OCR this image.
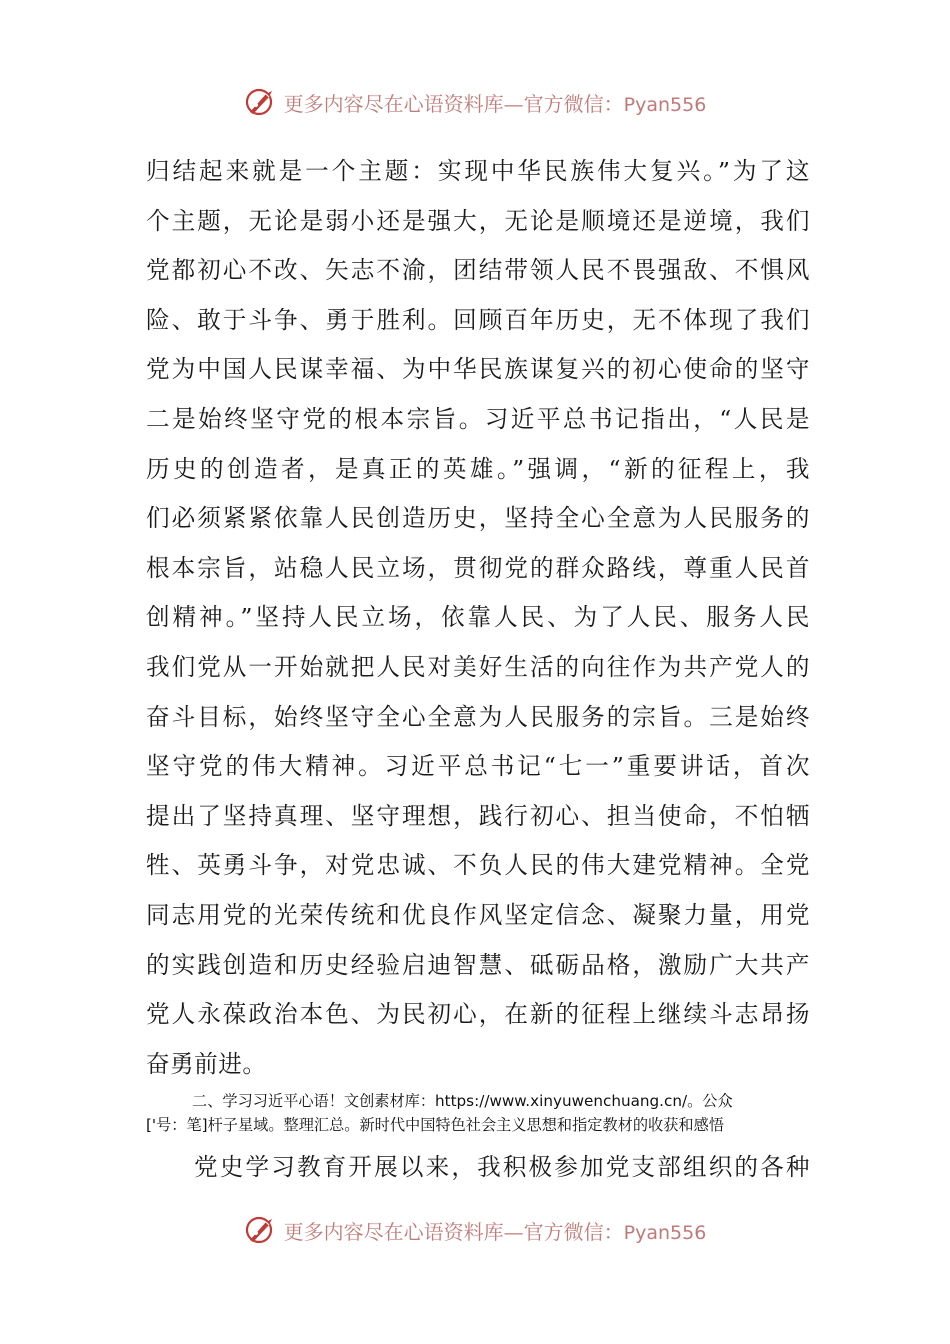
更多内容尽在心语资料库—官方微信：Pyan556
归结起来就是一个主题：实现中华民族伟大复兴。”为了这
个主题，无论是弱小还是强大，无论是顺境还是逆境，我们
党都初心不改、矢志不渝，团结带领人民不畏强敌、不惧风
险、敢于斗争、勇于胜利。回顾百年历史，无不体现了我们
党为中国人民谋幸福、为中华民族谋复兴的初心使命的坚守
二是始终坚守党的根本宗旨。习近平总书记指出，“人民是
历史的创造者，是真正的英雄。”强调，“新的征程上，我
们必须紧紧依靠人民创造历史，坚持全心全意为人民服务的
根本宗旨，站稳人民立场，贯彻党的群众路线，尊重人民首
创精神。”坚持人民立场，依靠人民、为了人民、服务人民
我们党从一开始就把人民对美好生活的向往作为共产党人的
奋斗目标，始终坚守全心全意为人民服务的宗旨。三是始终
坚守党的伟大精神。习近平总书记“七一”重要讲话，首次
提出了坚持真理、坚守理想，践行初心、担当使命，不怕牺
牲、英勇斗争，对党忠诚、不负人民的伟大建党精神。全党
同志用党的光荣传统和优良作风坚定信念、凝聚力量，用党
的实践创造和历史经验启迪智慧、砥砺品格，激励广大共产
党人永葆政治本色、为民初心，在新的征程上继续斗志昂扬
奋勇前进。
二、学习习近平心语！文创素材库：https://www.xinyuwenchuang.cn/。公众
['号：笔]杆子星域。整理汇总。新时代中国特色社会主义思想和指定教材的收获和感悟
党史学习教育开展以来，我积极参加党支部组织的各种
更多内容尽在心语资料库—官方微信：Pyan556
